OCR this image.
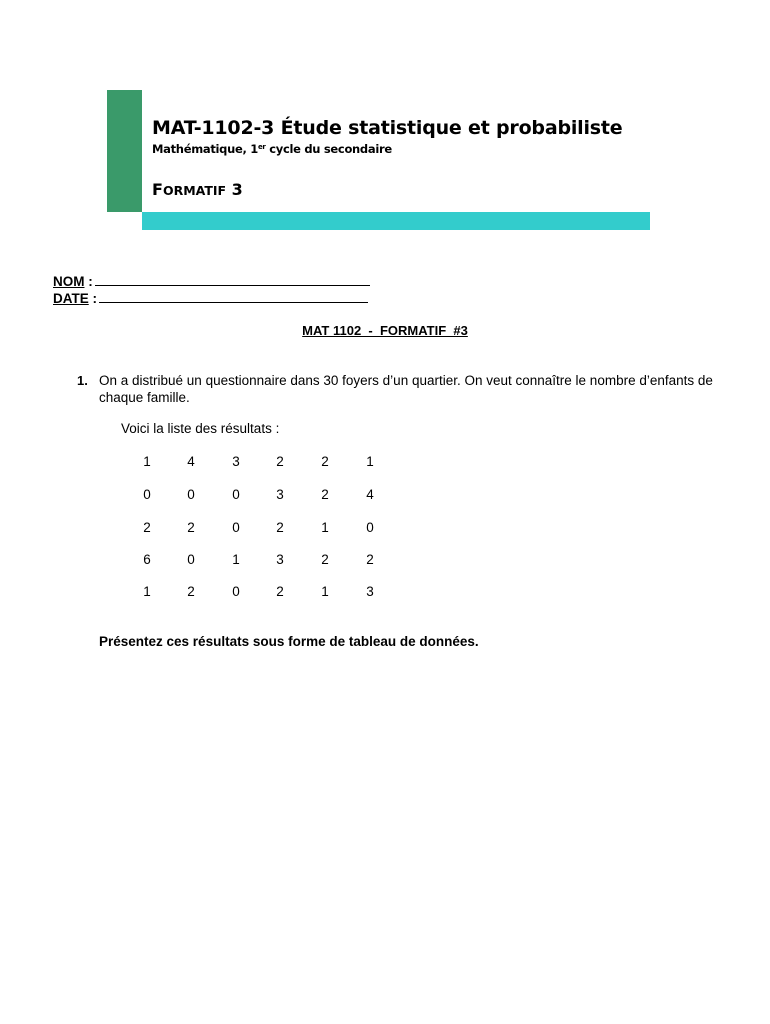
MAT-1102-3 Étude statistique et probabiliste
Mathématique, 1er cycle du secondaire
FORMATIF 3
NOM :
DATE :
MAT 1102  -  FORMATIF  #3
1. On a distribué un questionnaire dans 30 foyers d’un quartier. On veut connaître le nombre d’enfants de chaque famille.
Voici la liste des résultats :
1	4	3	2	2	1
0	0	0	3	2	4
2	2	0	2	1	0
6	0	1	3	2	2
1	2	0	2	1	3
Présentez ces résultats sous forme de tableau de données.
